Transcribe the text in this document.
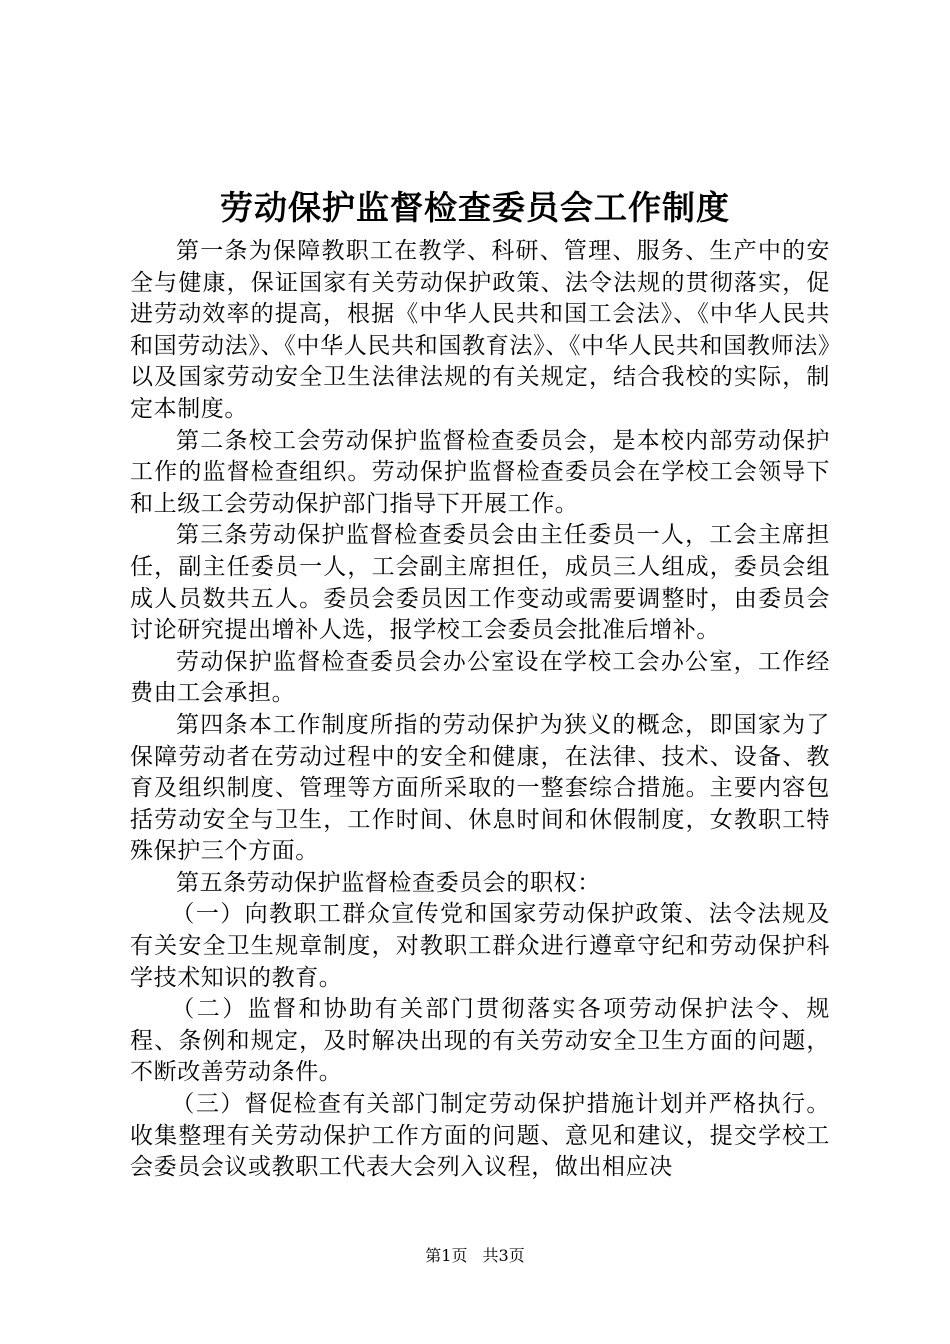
劳动保护监督检查委员会工作制度

第一条为保障教职工在教学、科研、管理、服务、生产中的安全与健康，保证国家有关劳动保护政策、法令法规的贯彻落实，促进劳动效率的提高，根据《中华人民共和国工会法》、《中华人民共和国劳动法》、《中华人民共和国教育法》、《中华人民共和国教师法》以及国家劳动安全卫生法律法规的有关规定，结合我校的实际，制定本制度。

第二条校工会劳动保护监督检查委员会，是本校内部劳动保护工作的监督检查组织。劳动保护监督检查委员会在学校工会领导下和上级工会劳动保护部门指导下开展工作。

第三条劳动保护监督检查委员会由主任委员一人，工会主席担任，副主任委员一人，工会副主席担任，成员三人组成，委员会组成人员数共五人。委员会委员因工作变动或需要调整时，由委员会讨论研究提出增补人选，报学校工会委员会批准后增补。

劳动保护监督检查委员会办公室设在学校工会办公室，工作经费由工会承担。

第四条本工作制度所指的劳动保护为狭义的概念，即国家为了保障劳动者在劳动过程中的安全和健康，在法律、技术、设备、教育及组织制度、管理等方面所采取的一整套综合措施。主要内容包括劳动安全与卫生，工作时间、休息时间和休假制度，女教职工特殊保护三个方面。

第五条劳动保护监督检查委员会的职权：

（一）向教职工群众宣传党和国家劳动保护政策、法令法规及有关安全卫生规章制度，对教职工群众进行遵章守纪和劳动保护科学技术知识的教育。

（二）监督和协助有关部门贯彻落实各项劳动保护法令、规程、条例和规定，及时解决出现的有关劳动安全卫生方面的问题，不断改善劳动条件。

（三）督促检查有关部门制定劳动保护措施计划并严格执行。收集整理有关劳动保护工作方面的问题、意见和建议，提交学校工会委员会议或教职工代表大会列入议程，做出相应决

第1页 共3页
